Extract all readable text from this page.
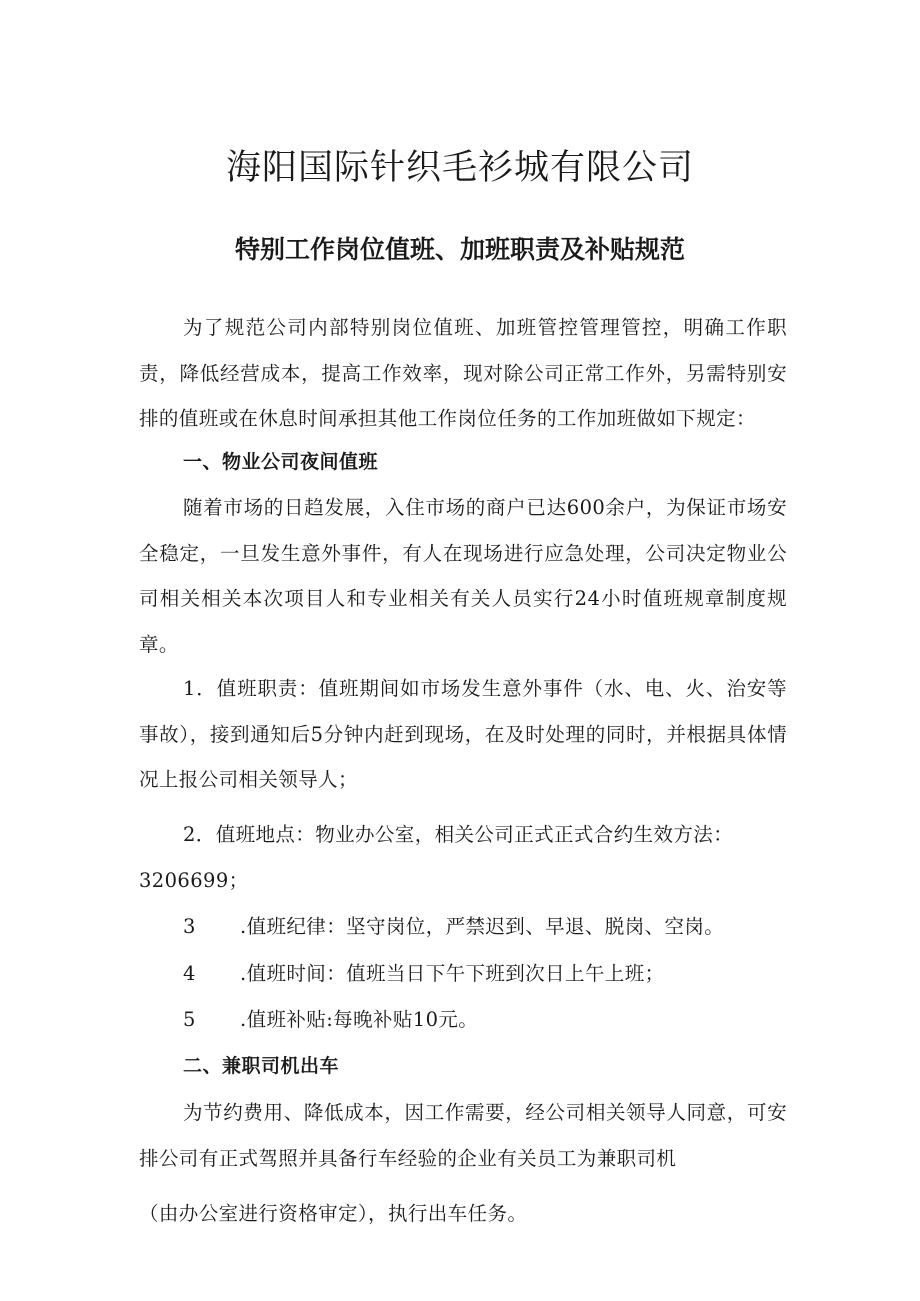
海阳国际针织毛衫城有限公司
特别工作岗位值班、加班职责及补贴规范

为了规范公司内部特别岗位值班、加班管控管理管控，明确工作职责，降低经营成本，提高工作效率，现对除公司正常工作外，另需特别安排的值班或在休息时间承担其他工作岗位任务的工作加班做如下规定：

一、物业公司夜间值班

随着市场的日趋发展，入住市场的商户已达600余户，为保证市场安全稳定，一旦发生意外事件，有人在现场进行应急处理，公司决定物业公司相关相关本次项目人和专业相关有关人员实行24小时值班规章制度规章。

1．值班职责：值班期间如市场发生意外事件（水、电、火、治安等事故），接到通知后5分钟内赶到现场，在及时处理的同时，并根据具体情况上报公司相关领导人；

2．值班地点：物业办公室，相关公司正式正式合约生效方法：

3206699；

3 .值班纪律：坚守岗位，严禁迟到、早退、脱岗、空岗。

4 .值班时间：值班当日下午下班到次日上午上班；

5 .值班补贴:每晚补贴10元。

二、兼职司机出车

为节约费用、降低成本，因工作需要，经公司相关领导人同意，可安排公司有正式驾照并具备行车经验的企业有关员工为兼职司机

（由办公室进行资格审定），执行出车任务。
